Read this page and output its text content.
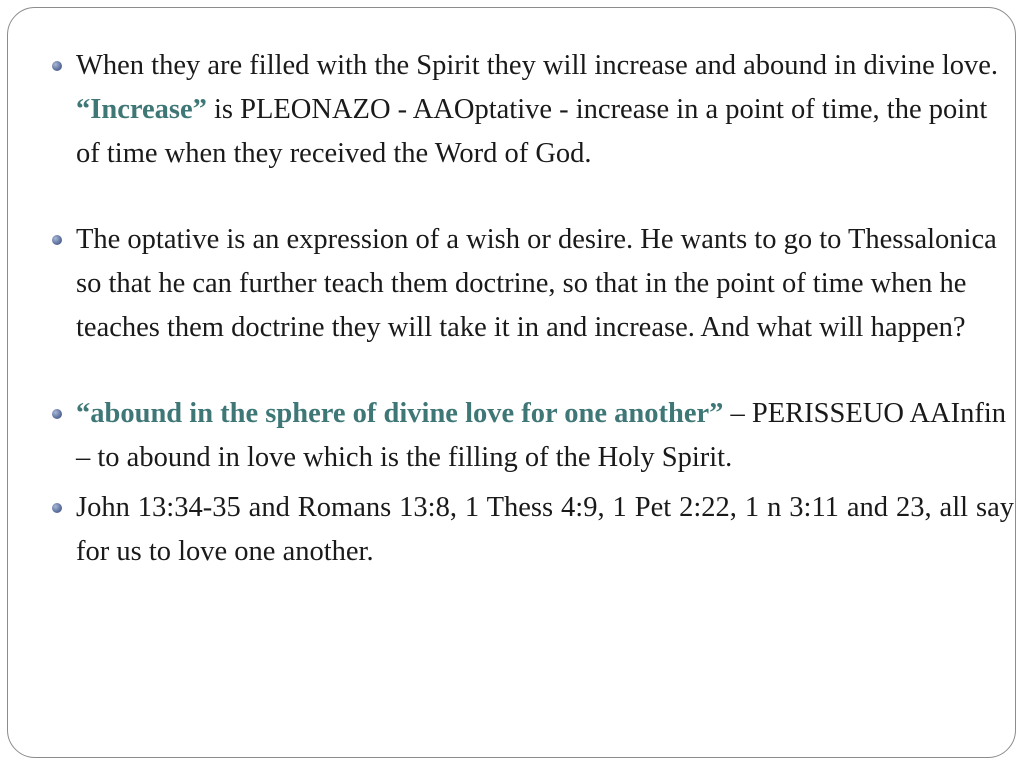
When they are filled with the Spirit they will increase and abound in divine love. “Increase” is PLEONAZO - AAOptative - increase in a point of time, the point of time when they received the Word of God.

The optative is an expression of a wish or desire. He wants to go to Thessalonica so that he can further teach them doctrine, so that in the point of time when he teaches them doctrine they will take it in and increase. And what will happen?

“abound in the sphere of divine love for one another” – PERISSEUO AAInfin – to abound in love which is the filling of the Holy Spirit.

John 13:34-35 and Romans 13:8, 1 Thess 4:9, 1 Pet 2:22, 1 n 3:11 and 23, all say for us to love one another.
